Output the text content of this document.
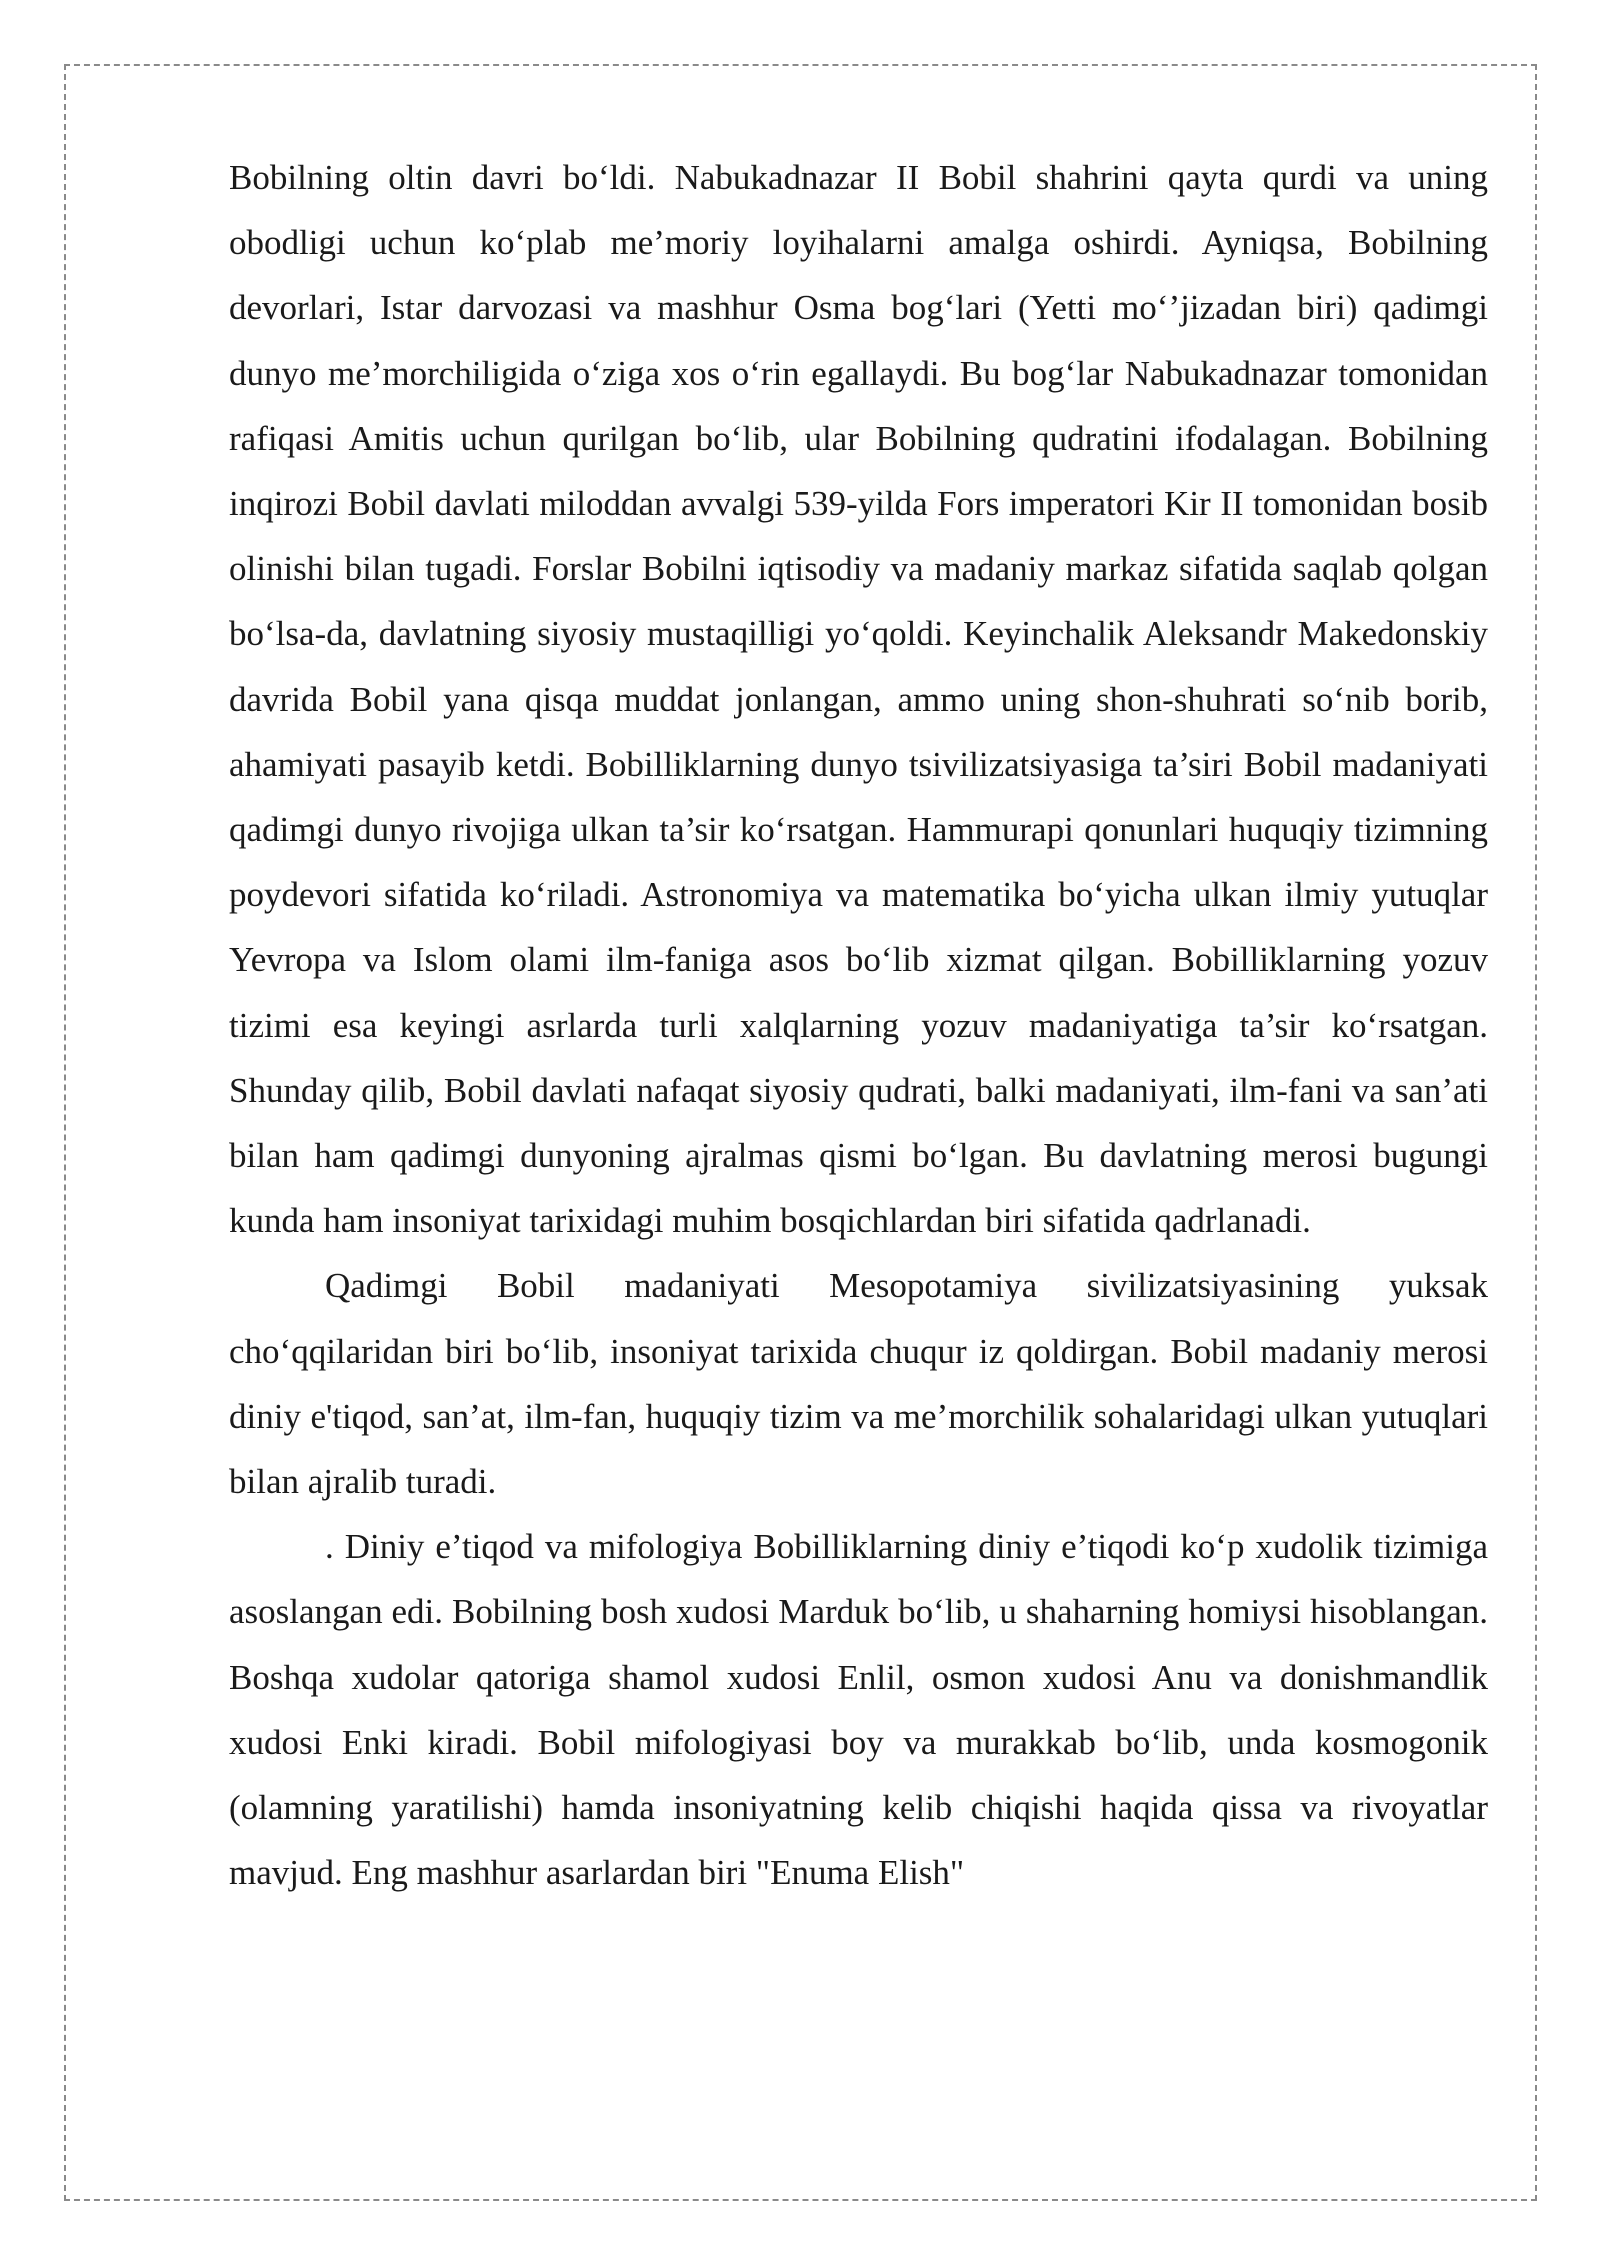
Bobilning oltin davri bo‘ldi. Nabukadnazar II Bobil shahrini qayta qurdi va uning obodligi uchun ko‘plab me’moriy loyihalarni amalga oshirdi. Ayniqsa, Bobilning devorlari, Istar darvozasi va mashhur Osma bog‘lari (Yetti mo‘’jizadan biri) qadimgi dunyo me’morchiligida o‘ziga xos o‘rin egallaydi. Bu bog‘lar Nabukadnazar tomonidan rafiqasi Amitis uchun qurilgan bo‘lib, ular Bobilning qudratini ifodalagan. Bobilning inqirozi Bobil davlati miloddan avvalgi 539-yilda Fors imperatori Kir II tomonidan bosib olinishi bilan tugadi. Forslar Bobilni iqtisodiy va madaniy markaz sifatida saqlab qolgan bo‘lsa-da, davlatning siyosiy mustaqilligi yo‘qoldi. Keyinchalik Aleksandr Makedonskiy davrida Bobil yana qisqa muddat jonlangan, ammo uning shon-shuhrati so‘nib borib, ahamiyati pasayib ketdi. Bobilliklarning dunyo tsivilizatsiyasiga ta’siri Bobil madaniyati qadimgi dunyo rivojiga ulkan ta’sir ko‘rsatgan. Hammurapi qonunlari huquqiy tizimning poydevori sifatida ko‘riladi. Astronomiya va matematika bo‘yicha ulkan ilmiy yutuqlar Yevropa va Islom olami ilm-faniga asos bo‘lib xizmat qilgan. Bobilliklarning yozuv tizimi esa keyingi asrlarda turli xalqlarning yozuv madaniyatiga ta’sir ko‘rsatgan. Shunday qilib, Bobil davlati nafaqat siyosiy qudrati, balki madaniyati, ilm-fani va san’ati bilan ham qadimgi dunyoning ajralmas qismi bo‘lgan. Bu davlatning merosi bugungi kunda ham insoniyat tarixidagi muhim bosqichlardan biri sifatida qadrlanadi.

Qadimgi Bobil madaniyati Mesopotamiya sivilizatsiyasining yuksak cho‘qqilaridan biri bo‘lib, insoniyat tarixida chuqur iz qoldirgan. Bobil madaniy merosi diniy e'tiqod, san’at, ilm-fan, huquqiy tizim va me’morchilik sohalaridagi ulkan yutuqlari bilan ajralib turadi.

. Diniy e’tiqod va mifologiya Bobilliklarning diniy e’tiqodi ko‘p xudolik tizimiga asoslangan edi. Bobilning bosh xudosi Marduk bo‘lib, u shaharning homiysi hisoblangan. Boshqa xudolar qatoriga shamol xudosi Enlil, osmon xudosi Anu va donishmandlik xudosi Enki kiradi. Bobil mifologiyasi boy va murakkab bo‘lib, unda kosmogonik (olamning yaratilishi) hamda insoniyatning kelib chiqishi haqida qissa va rivoyatlar mavjud. Eng mashhur asarlardan biri "Enuma Elish"
